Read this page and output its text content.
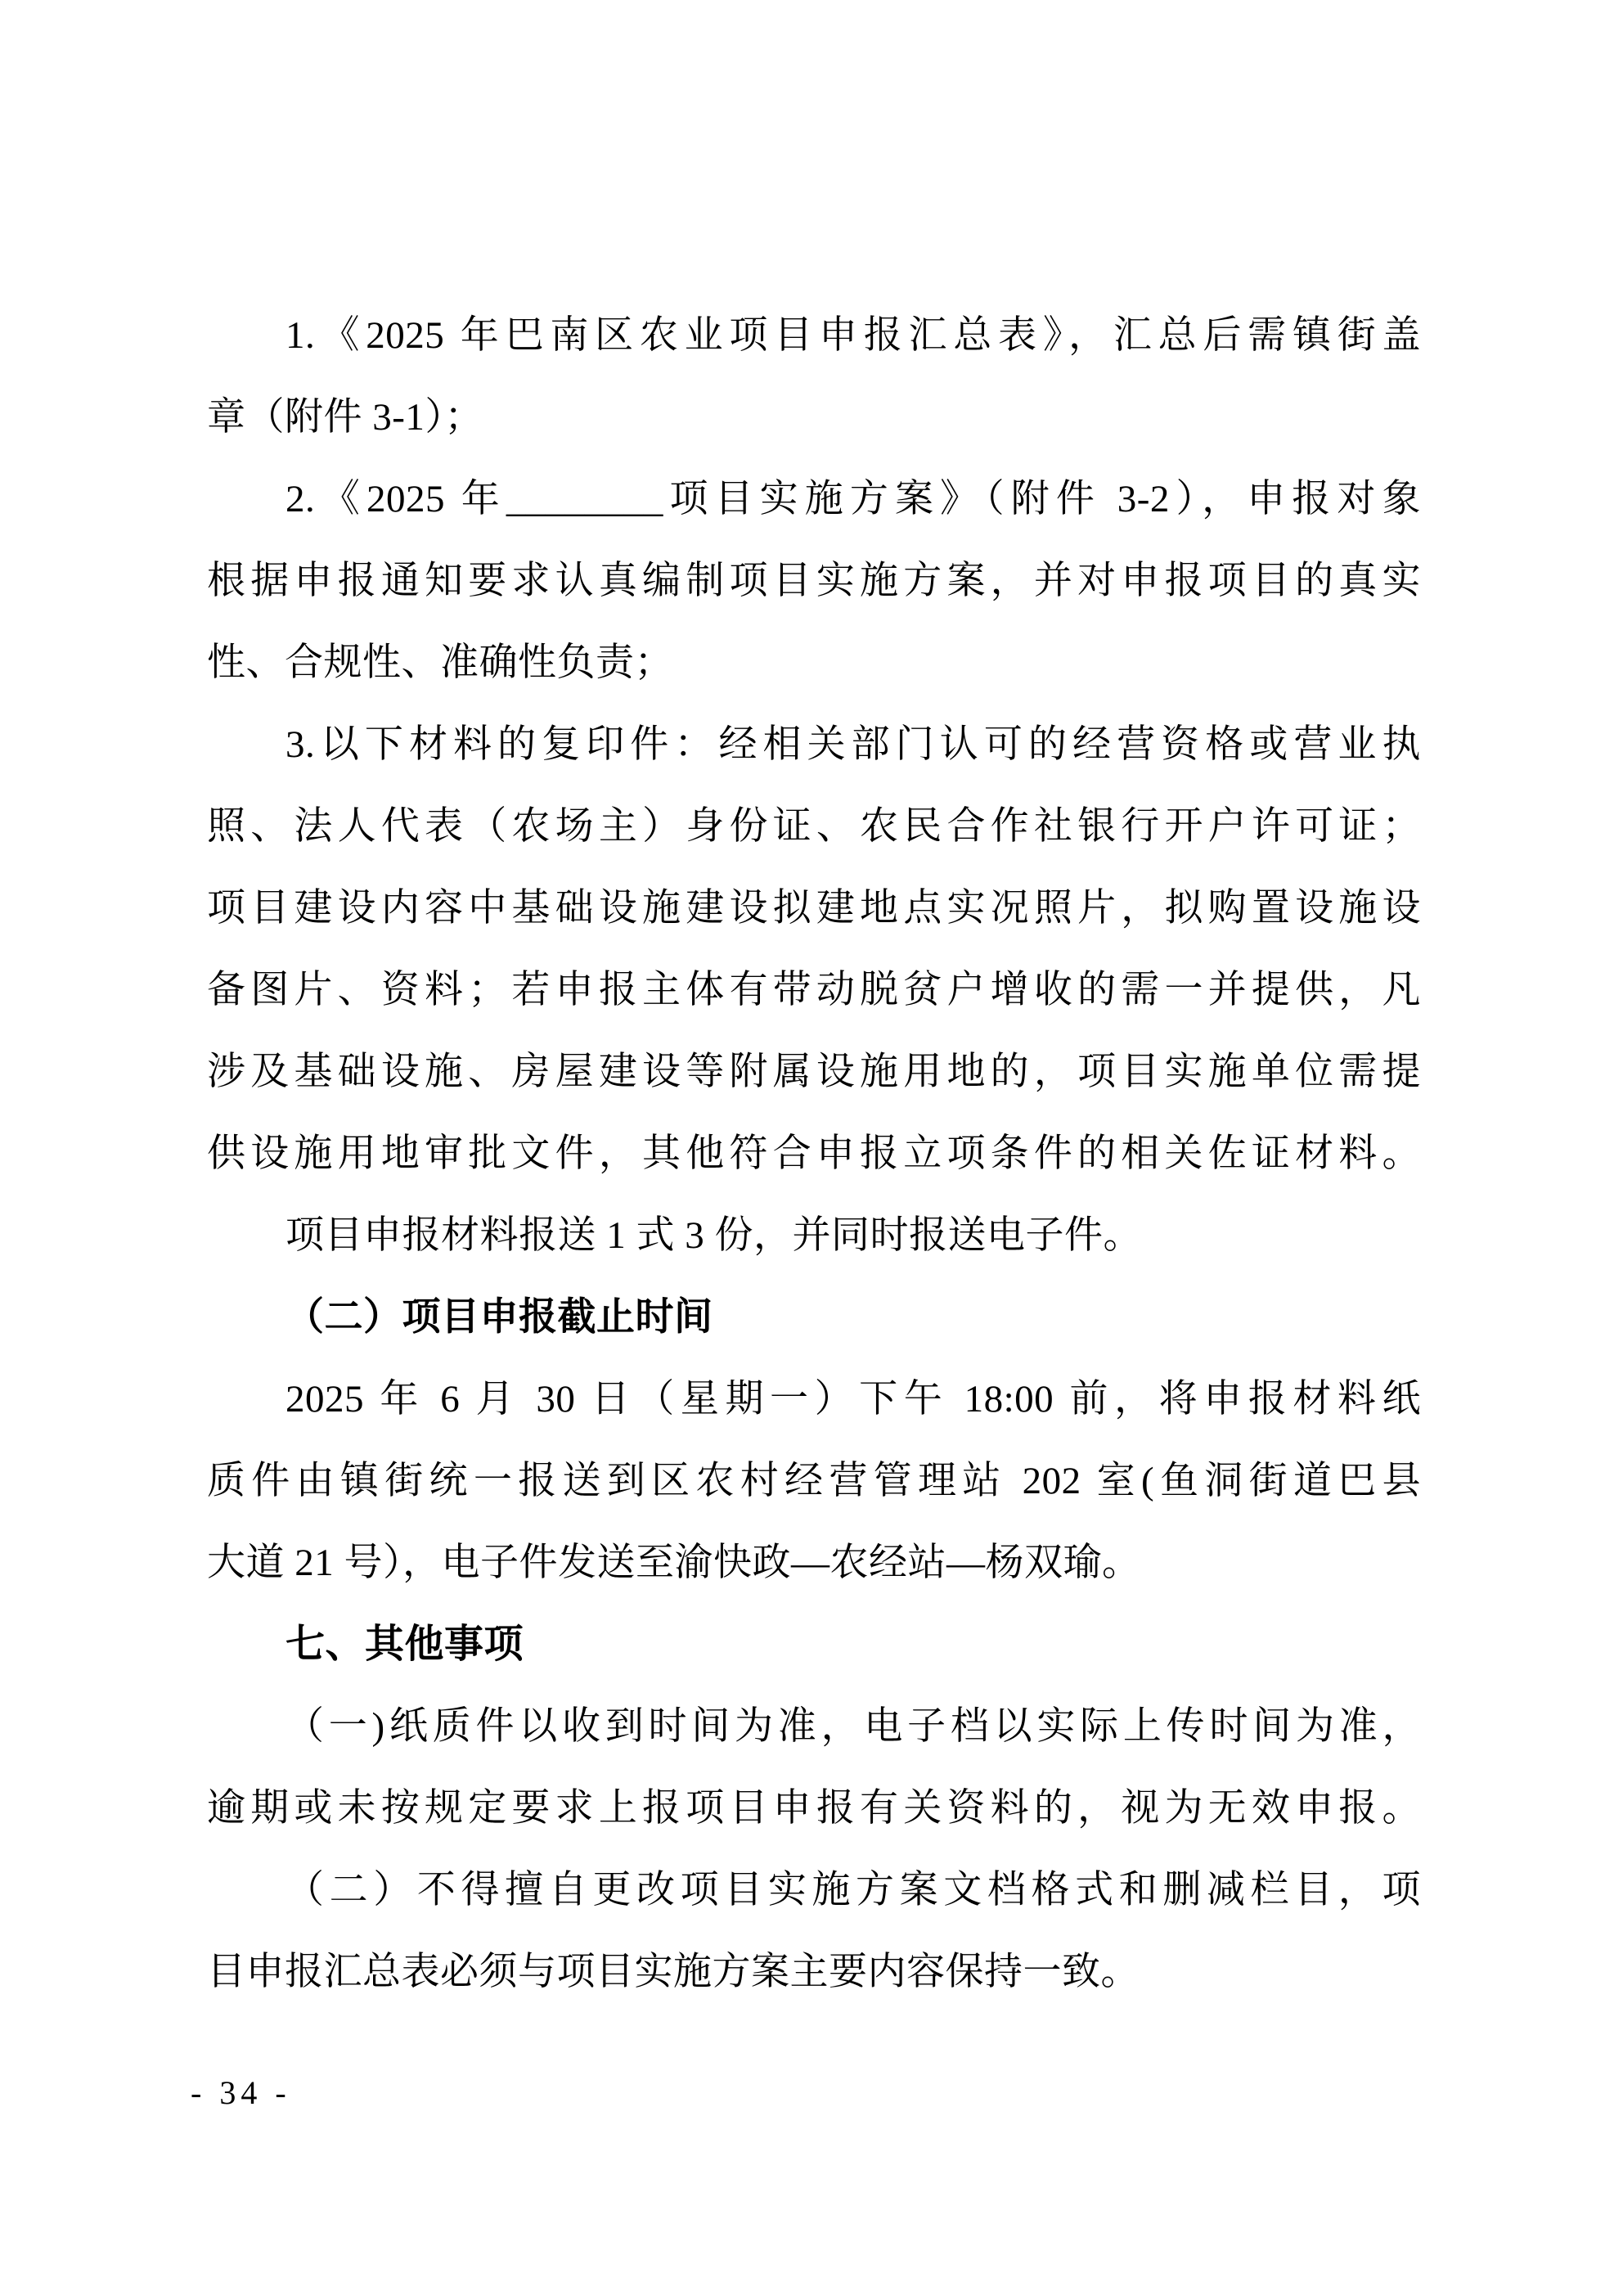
1.《2025 年巴南区农业项目申报汇总表》，汇总后需镇街盖
章（附件 3-1）；
2.《2025 年________项目实施方案》（附件 3-2），申报对象
根据申报通知要求认真编制项目实施方案，并对申报项目的真实
性、合规性、准确性负责；
3.以下材料的复印件：经相关部门认可的经营资格或营业执
照、法人代表（农场主）身份证、农民合作社银行开户许可证；
项目建设内容中基础设施建设拟建地点实况照片，拟购置设施设
备图片、资料；若申报主体有带动脱贫户增收的需一并提供，凡
涉及基础设施、房屋建设等附属设施用地的，项目实施单位需提
供设施用地审批文件，其他符合申报立项条件的相关佐证材料。
项目申报材料报送 1 式 3 份，并同时报送电子件。
（二）项目申报截止时间
2025 年 6 月 30 日（星期一）下午 18:00 前，将申报材料纸
质件由镇街统一报送到区农村经营管理站 202 室(鱼洞街道巴县
大道 21 号），电子件发送至渝快政—农经站—杨双瑜。
七、其他事项
（一)纸质件以收到时间为准，电子档以实际上传时间为准，
逾期或未按规定要求上报项目申报有关资料的，视为无效申报。
（二）不得擅自更改项目实施方案文档格式和删减栏目，项
目申报汇总表必须与项目实施方案主要内容保持一致。
- 34 -
